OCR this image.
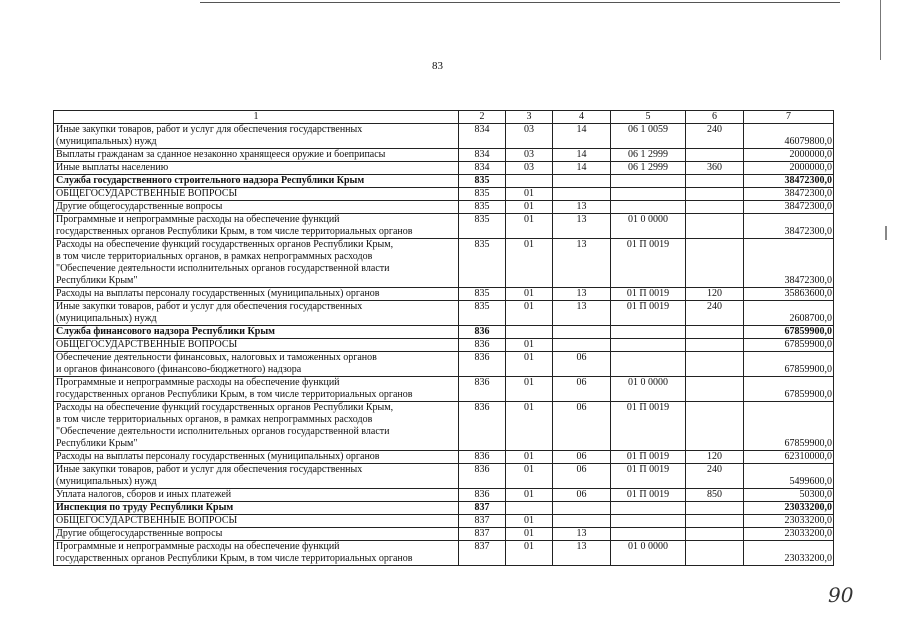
83
1	2	3	4	5	6	7
Иные закупки товаров, работ и услуг для обеспечения государственных
(муниципальных) нужд	834	03	14	06 1 0059	240	46079800,0
Выплаты гражданам за сданное незаконно хранящееся оружие и боеприпасы	834	03	14	06 1 2999		2000000,0
Иные выплаты населению	834	03	14	06 1 2999	360	2000000,0
Служба государственного строительного надзора Республики Крым	835					38472300,0
ОБЩЕГОСУДАРСТВЕННЫЕ ВОПРОСЫ	835	01				38472300,0
Другие общегосударственные вопросы	835	01	13			38472300,0
Программные и непрограммные расходы на обеспечение функций
государственных органов Республики Крым, в том числе территориальных органов	835	01	13	01 0 0000		38472300,0
Расходы на обеспечение функций государственных органов Республики Крым,
в том числе территориальных органов, в рамках непрограммных расходов
"Обеспечение деятельности исполнительных органов государственной власти
Республики Крым"	835	01	13	01 П 0019		38472300,0
Расходы на выплаты персоналу государственных (муниципальных) органов	835	01	13	01 П 0019	120	35863600,0
Иные закупки товаров, работ и услуг для обеспечения государственных
(муниципальных) нужд	835	01	13	01 П 0019	240	2608700,0
Служба финансового надзора Республики Крым	836					67859900,0
ОБЩЕГОСУДАРСТВЕННЫЕ ВОПРОСЫ	836	01				67859900,0
Обеспечение деятельности финансовых, налоговых и таможенных органов
и органов финансового (финансово-бюджетного) надзора	836	01	06			67859900,0
Программные и непрограммные расходы на обеспечение функций
государственных органов Республики Крым, в том числе территориальных органов	836	01	06	01 0 0000		67859900,0
Расходы на обеспечение функций государственных органов Республики Крым,
в том числе территориальных органов, в рамках непрограммных расходов
"Обеспечение деятельности исполнительных органов государственной власти
Республики Крым"	836	01	06	01 П 0019		67859900,0
Расходы на выплаты персоналу государственных (муниципальных) органов	836	01	06	01 П 0019	120	62310000,0
Иные закупки товаров, работ и услуг для обеспечения государственных
(муниципальных) нужд	836	01	06	01 П 0019	240	5499600,0
Уплата налогов, сборов и иных платежей	836	01	06	01 П 0019	850	50300,0
Инспекция по труду Республики Крым	837					23033200,0
ОБЩЕГОСУДАРСТВЕННЫЕ ВОПРОСЫ	837	01				23033200,0
Другие общегосударственные вопросы	837	01	13			23033200,0
Программные и непрограммные расходы на обеспечение функций
государственных органов Республики Крым, в том числе территориальных органов	837	01	13	01 0 0000		23033200,0
90
